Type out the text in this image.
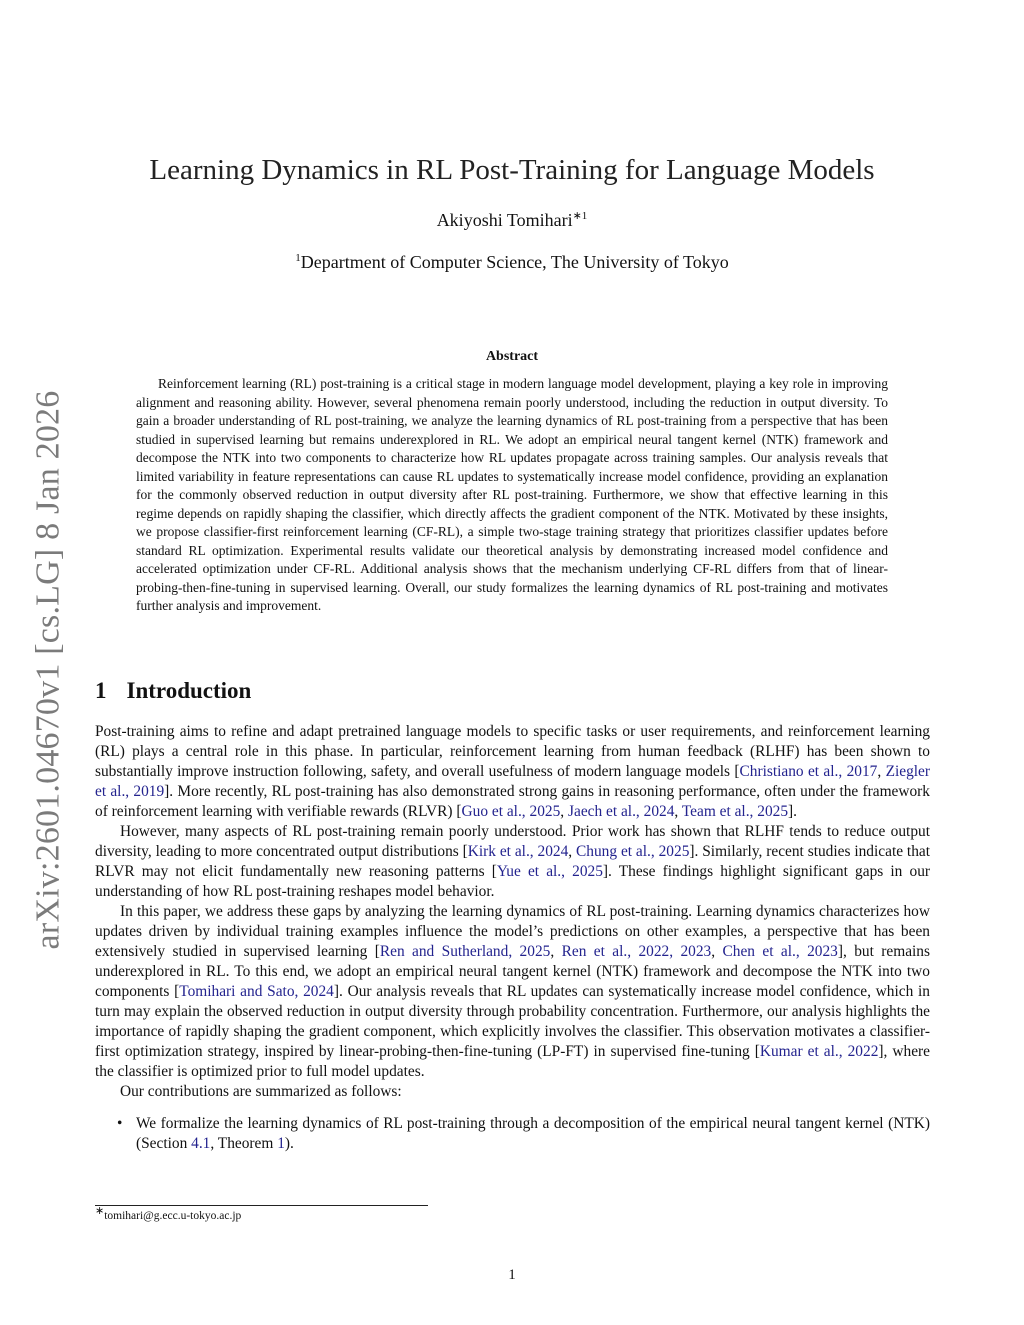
arXiv:2601.04670v1 [cs.LG] 8 Jan 2026
Learning Dynamics in RL Post-Training for Language Models
Akiyoshi Tomihari$^{∗1}$
$^1$Department of Computer Science, The University of Tokyo
Abstract

Reinforcement learning (RL) post-training is a critical stage in modern language model development, playing a key role in improving alignment and reasoning ability. However, several phenomena remain poorly understood, including the reduction in output diversity. To gain a broader understanding of RL post-training, we analyze the learning dynamics of RL post-training from a perspective that has been studied in supervised learning but remains underexplored in RL. We adopt an empirical neural tangent kernel (NTK) framework and decompose the NTK into two components to characterize how RL updates propagate across training samples. Our analysis reveals that limited variability in feature representations can cause RL updates to systematically increase model confidence, providing an explanation for the commonly observed reduction in output diversity after RL post-training. Furthermore, we show that effective learning in this regime depends on rapidly shaping the classifier, which directly affects the gradient component of the NTK. Motivated by these insights, we propose classifier-first reinforcement learning (CF-RL), a simple two-stage training strategy that prioritizes classifier updates before standard RL optimization. Experimental results validate our theoretical analysis by demonstrating increased model confidence and accelerated optimization under CF-RL. Additional analysis shows that the mechanism underlying CF-RL differs from that of linear-probing-then-fine-tuning in supervised learning. Overall, our study formalizes the learning dynamics of RL post-training and motivates further analysis and improvement.

1 Introduction

Post-training aims to refine and adapt pretrained language models to specific tasks or user requirements, and reinforcement learning (RL) plays a central role in this phase. In particular, reinforcement learning from human feedback (RLHF) has been shown to substantially improve instruction following, safety, and overall usefulness of modern language models [Christiano et al., 2017, Ziegler et al., 2019]. More recently, RL post-training has also demonstrated strong gains in reasoning performance, often under the framework of reinforcement learning with verifiable rewards (RLVR) [Guo et al., 2025, Jaech et al., 2024, Team et al., 2025].

However, many aspects of RL post-training remain poorly understood. Prior work has shown that RLHF tends to reduce output diversity, leading to more concentrated output distributions [Kirk et al., 2024, Chung et al., 2025]. Similarly, recent studies indicate that RLVR may not elicit fundamentally new reasoning patterns [Yue et al., 2025]. These findings highlight significant gaps in our understanding of how RL post-training reshapes model behavior.

In this paper, we address these gaps by analyzing the learning dynamics of RL post-training. Learning dynamics characterizes how updates driven by individual training examples influence the model’s predictions on other examples, a perspective that has been extensively studied in supervised learning [Ren and Sutherland, 2025, Ren et al., 2022, 2023, Chen et al., 2023], but remains underexplored in RL. To this end, we adopt an empirical neural tangent kernel (NTK) framework and decompose the NTK into two components [Tomihari and Sato, 2024]. Our analysis reveals that RL updates can systematically increase model confidence, which in turn may explain the observed reduction in output diversity through probability concentration. Furthermore, our analysis highlights the importance of rapidly shaping the gradient component, which explicitly involves the classifier. This observation motivates a classifier-first optimization strategy, inspired by linear-probing-then-fine-tuning (LP-FT) in supervised fine-tuning [Kumar et al., 2022], where the classifier is optimized prior to full model updates.

Our contributions are summarized as follows:

• We formalize the learning dynamics of RL post-training through a decomposition of the empirical neural tangent kernel (NTK) (Section 4.1, Theorem 1).
∗tomihari@g.ecc.u-tokyo.ac.jp
1
